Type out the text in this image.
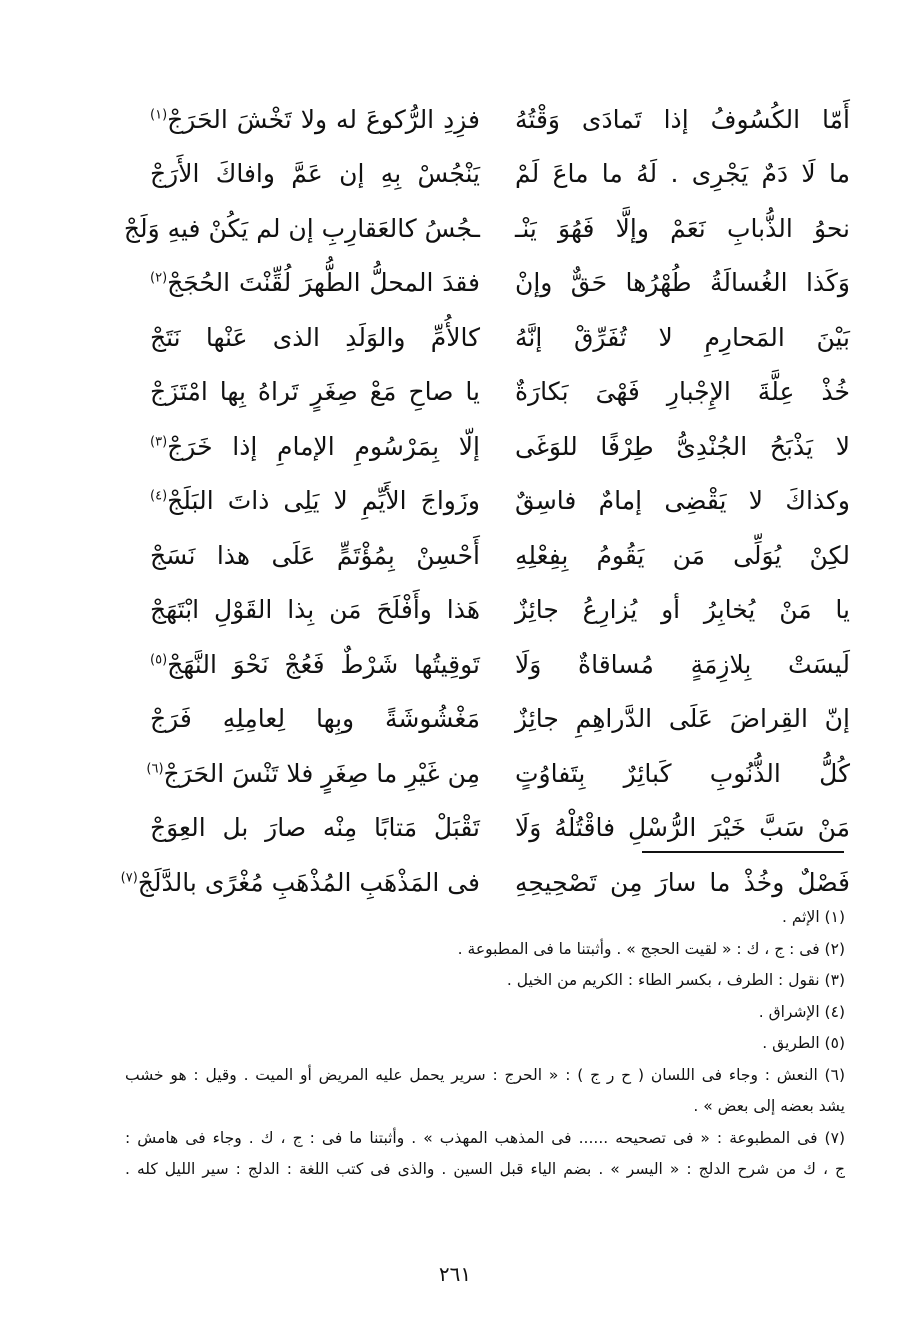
أَمّا الكُسُوفُ إذا تَمادَى وَقْتُهُ
فزِدِ الرُّكوعَ له ولا تَخْشَ الحَرَجْ$^{(١)}$
ما لَا دَمٌ يَجْرِى . لَهُ ما ماعَ لَمْ
يَنْجُسْ بِهِ إن عَمَّ وافاكَ الأَرَجْ
نحوُ الذُّبابِ نَعَمْ وإلَّا فَهُوَ يَنْـ
ـجُسُ كالعَقارِبِ إن لم يَكُنْ فيهِ وَلَجْ
وَكَذا الغُسالَةُ طُهْرُها حَقٌّ وإنْ
فقدَ المحلُّ الطُّهرَ لُقِّنْتَ الحُجَجْ$^{(٢)}$
بَيْنَ المَحارِمِ لا تُفَرِّقْ إنَّهُ
كالأُمِّ والوَلَدِ الذى عَنْها نَتَجْ
خُذْ عِلَّةَ الإِجْبارِ فَهْىَ بَكارَةٌ
يا صاحِ مَعْ صِغَرٍ تَراهُ بِها امْتَزَجْ
لا يَذْبَحُ الجُنْدِىُّ طِرْفًا للوَغَى
إلّا بِمَرْسُومِ الإمامِ إذا خَرَجْ$^{(٣)}$
وكذاكَ لا يَقْضِى إمامٌ فاسِقٌ
وزَواجَ الأَيِّمِ لا يَلِى ذاتَ البَلَجْ$^{(٤)}$
لكِنْ يُوَلِّى مَن يَقُومُ بِفِعْلِهِ
أَحْسِنْ بِمُؤْتَمٍّ عَلَى هذا نَسَجْ
يا مَنْ يُخابِرُ أو يُزارِعُ جائِزٌ
هَذا وأَفْلَحَ مَن بِذا القَوْلِ ابْتَهَجْ
لَيسَتْ بِلازِمَةٍ مُساقاةٌ وَلَا
تَوقِيتُها شَرْطٌ فَعُجْ نَحْوَ النَّهَجْ$^{(٥)}$
إنّ القِراضَ عَلَى الدَّراهِمِ جائِزٌ
مَغْشُوشَةً وبِها لِعامِلِهِ فَرَجْ
كُلُّ الذُّنُوبِ كَبائِرٌ بِتَفاوُتٍ
مِن غَيْرِ ما صِغَرٍ فلا تَنْسَ الحَرَجْ$^{(٦)}$
مَنْ سَبَّ خَيْرَ الرُّسْلِ فاقْتُلْهُ وَلَا
تَقْبَلْ مَتابًا مِنْه صارَ بل العِوَجْ
فَصْلٌ وخُذْ ما سارَ مِن تَصْحِيحِهِ
فى المَذْهَبِ المُذْهَبِ مُغْرًى بالدَّلَجْ$^{(٧)}$
(١) الإثم .
(٢) فى : ج ، ك : « لقيت الحجج » . وأثبتنا ما فى المطبوعة .
(٣) نقول : الطرف ، بكسر الطاء : الكريم من الخيل .
(٤) الإشراق .
(٥) الطريق .
(٦) النعش : وجاء فى اللسان ( ح ر ج ) : « الحرج : سرير يحمل عليه المريض أو الميت . وقيل : هو خشب
يشد بعضه إلى بعض » .
(٧) فى المطبوعة : « فى تصحيحه ...... فى المذهب المهذب » . وأثبتنا ما فى : ج ، ك . وجاء فى هامش :
ج ، ك من شرح الدلج : « اليسر » . بضم الياء قبل السين . والذى فى كتب اللغة : الدلج : سير الليل كله .
٢٦١
